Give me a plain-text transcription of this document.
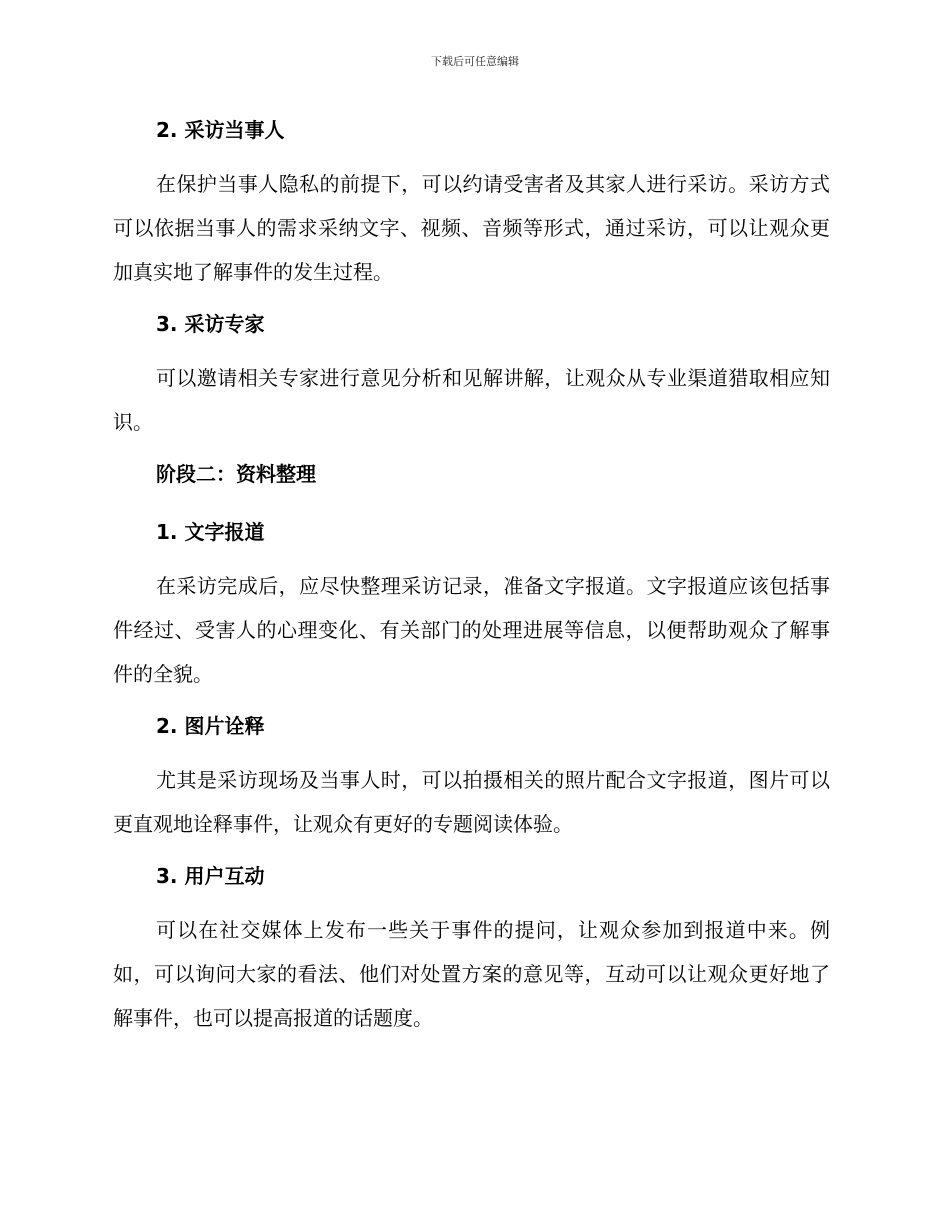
下载后可任意编辑
2. 采访当事人

在保护当事人隐私的前提下，可以约请受害者及其家人进行采访。采访方式可以依据当事人的需求采纳文字、视频、音频等形式，通过采访，可以让观众更加真实地了解事件的发生过程。

3. 采访专家

可以邀请相关专家进行意见分析和见解讲解，让观众从专业渠道猎取相应知识。

阶段二：资料整理
1. 文字报道

在采访完成后，应尽快整理采访记录，准备文字报道。文字报道应该包括事件经过、受害人的心理变化、有关部门的处理进展等信息，以便帮助观众了解事件的全貌。

2. 图片诠释

尤其是采访现场及当事人时，可以拍摄相关的照片配合文字报道，图片可以更直观地诠释事件，让观众有更好的专题阅读体验。

3. 用户互动

可以在社交媒体上发布一些关于事件的提问，让观众参加到报道中来。例如，可以询问大家的看法、他们对处置方案的意见等，互动可以让观众更好地了解事件，也可以提高报道的话题度。
